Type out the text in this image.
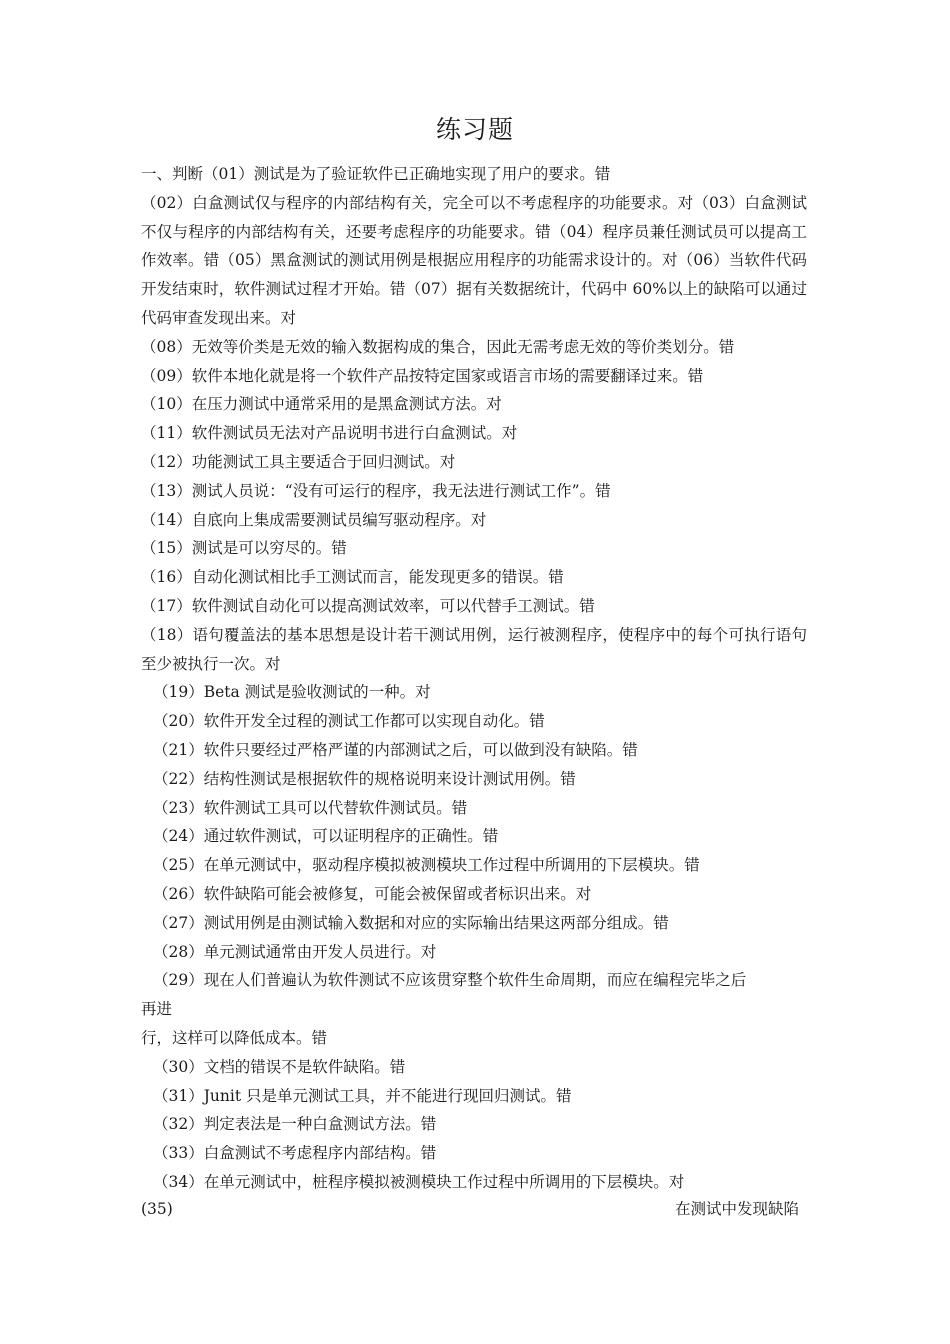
练习题

一、判断（01）测试是为了验证软件已正确地实现了用户的要求。错

（02）白盒测试仅与程序的内部结构有关，完全可以不考虑程序的功能要求。对（03）白盒测试不仅与程序的内部结构有关，还要考虑程序的功能要求。错（04）程序员兼任测试员可以提高工作效率。错（05）黑盒测试的测试用例是根据应用程序的功能需求设计的。对（06）当软件代码开发结束时，软件测试过程才开始。错（07）据有关数据统计，代码中 60%以上的缺陷可以通过代码审查发现出来。对

（08）无效等价类是无效的输入数据构成的集合，因此无需考虑无效的等价类划分。错

（09）软件本地化就是将一个软件产品按特定国家或语言市场的需要翻译过来。错

（10）在压力测试中通常采用的是黑盒测试方法。对

（11）软件测试员无法对产品说明书进行白盒测试。对

（12）功能测试工具主要适合于回归测试。对

（13）测试人员说：“没有可运行的程序，我无法进行测试工作”。错

（14）自底向上集成需要测试员编写驱动程序。对

（15）测试是可以穷尽的。错

（16）自动化测试相比手工测试而言，能发现更多的错误。错

（17）软件测试自动化可以提高测试效率，可以代替手工测试。错

（18）语句覆盖法的基本思想是设计若干测试用例，运行被测程序，使程序中的每个可执行语句至少被执行一次。对

（19）Beta 测试是验收测试的一种。对

（20）软件开发全过程的测试工作都可以实现自动化。错

（21）软件只要经过严格严谨的内部测试之后，可以做到没有缺陷。错

（22）结构性测试是根据软件的规格说明来设计测试用例。错

（23）软件测试工具可以代替软件测试员。错

（24）通过软件测试，可以证明程序的正确性。错

（25）在单元测试中，驱动程序模拟被测模块工作过程中所调用的下层模块。错

（26）软件缺陷可能会被修复，可能会被保留或者标识出来。对

（27）测试用例是由测试输入数据和对应的实际输出结果这两部分组成。错

（28）单元测试通常由开发人员进行。对

（29）现在人们普遍认为软件测试不应该贯穿整个软件生命周期，而应在编程完毕之后

再进

行，这样可以降低成本。错

（30）文档的错误不是软件缺陷。错

（31）Junit 只是单元测试工具，并不能进行现回归测试。错

（32）判定表法是一种白盒测试方法。错

（33）白盒测试不考虑程序内部结构。错

（34）在单元测试中，桩程序模拟被测模块工作过程中所调用的下层模块。对

(35)	在测试中发现缺陷
